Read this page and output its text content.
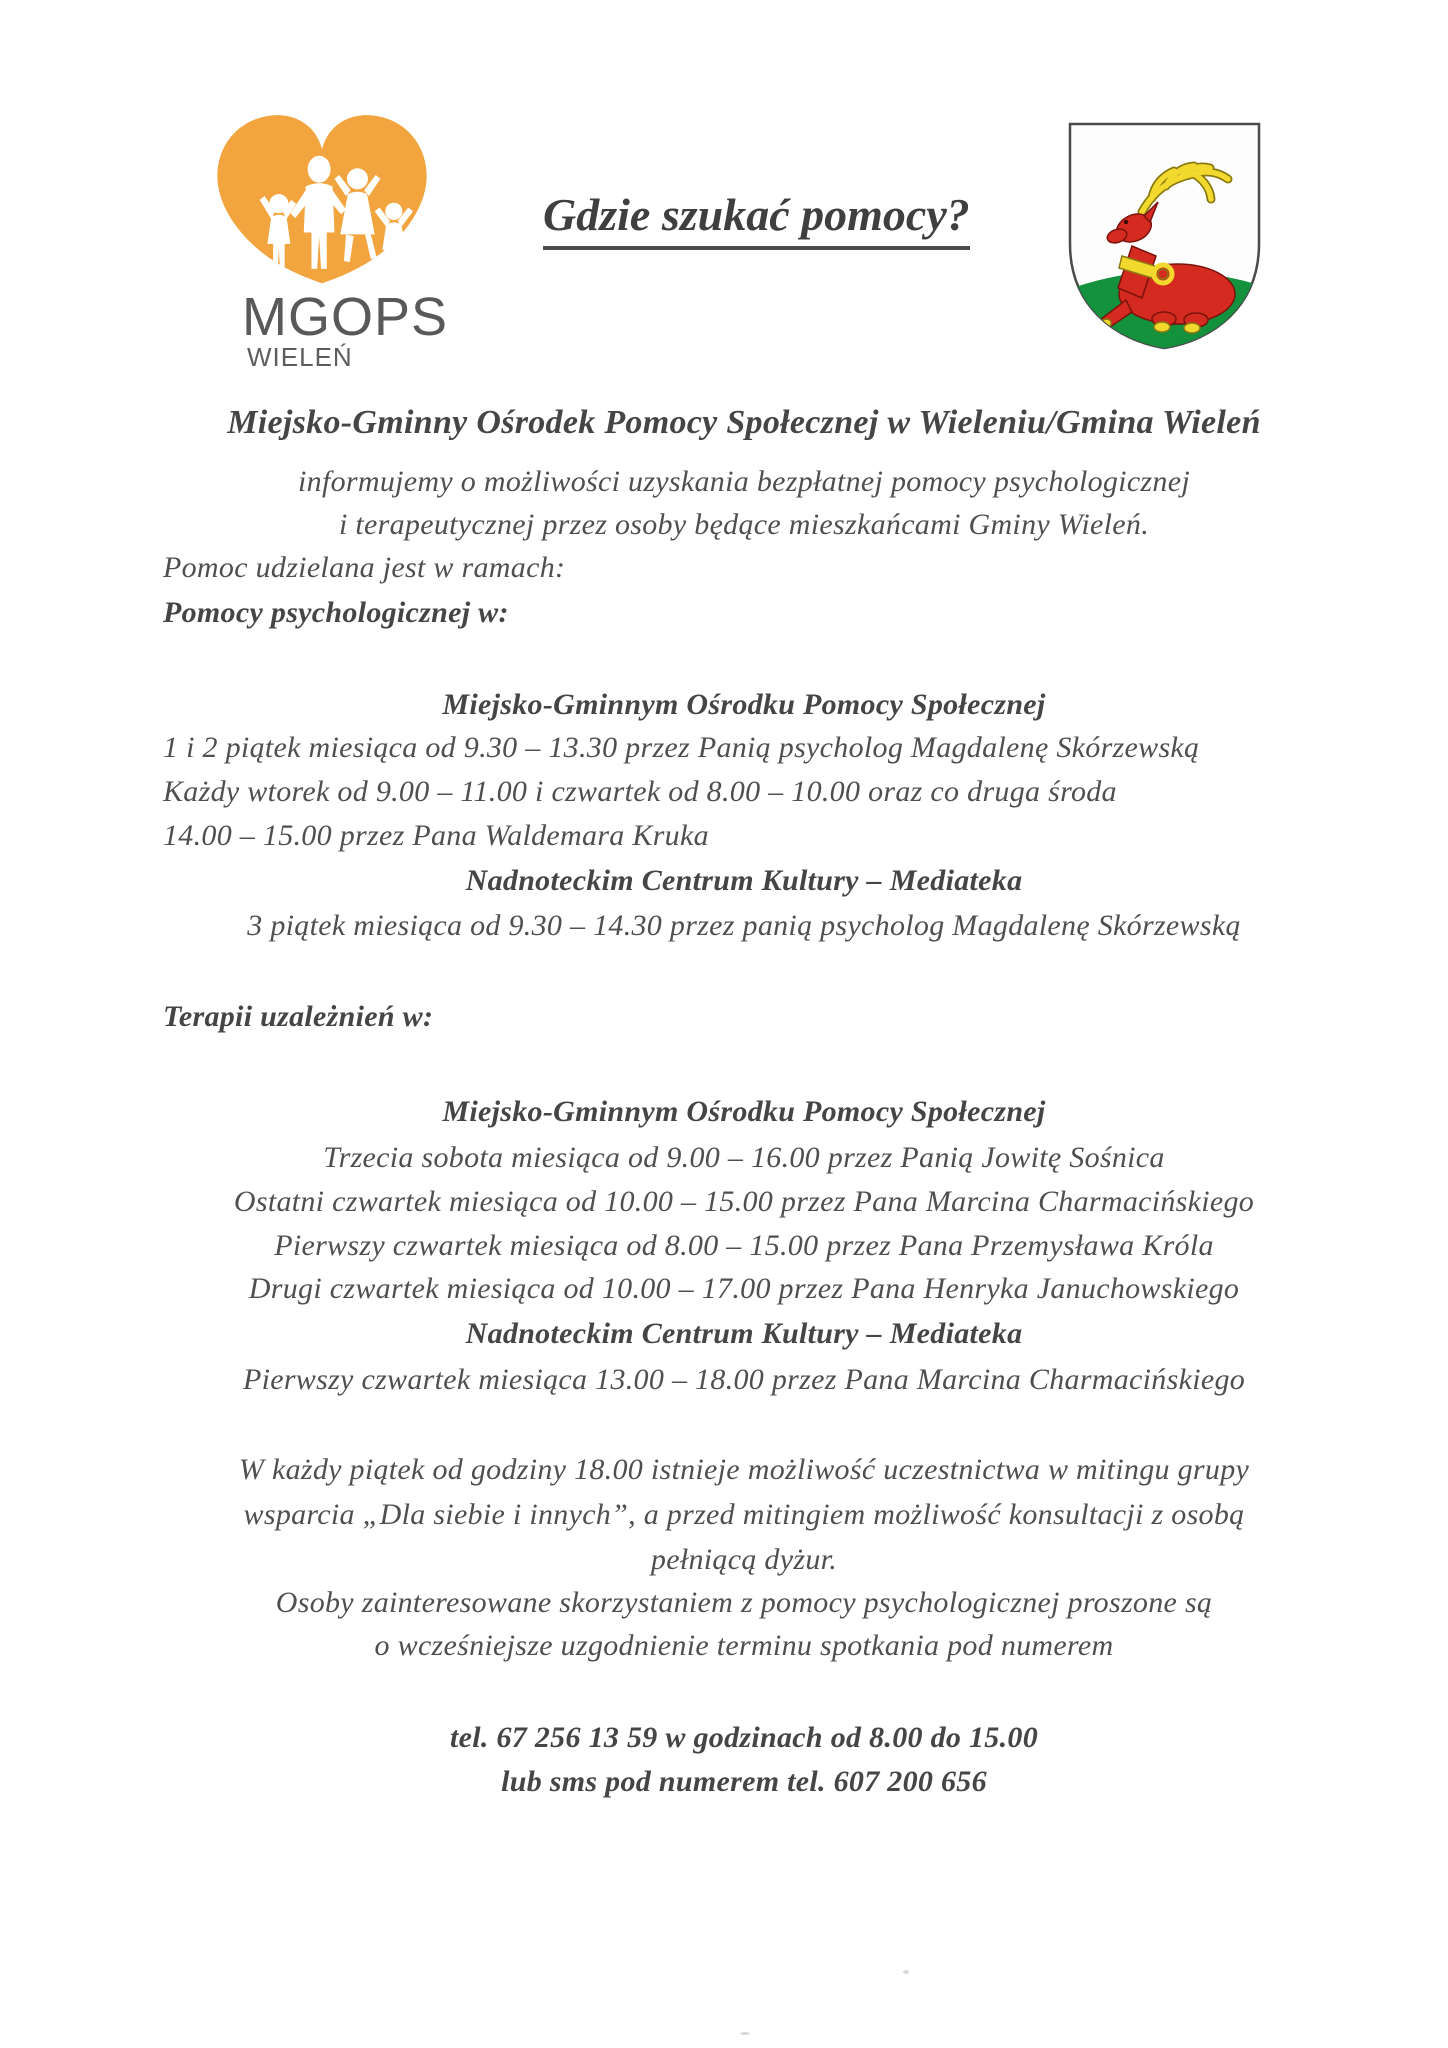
MGOPS
WIELEŃ
Gdzie szukać pomocy?
Miejsko-Gminny Ośrodek Pomocy Społecznej w Wieleniu/Gmina Wieleń
informujemy o możliwości uzyskania bezpłatnej pomocy psychologicznej
i terapeutycznej przez osoby będące mieszkańcami Gminy Wieleń.
Pomoc udzielana jest w ramach:
Pomocy psychologicznej w:
Miejsko-Gminnym Ośrodku Pomocy Społecznej
1 i 2 piątek miesiąca od 9.30 – 13.30 przez Panią psycholog Magdalenę Skórzewską
Każdy wtorek od 9.00 – 11.00 i czwartek od 8.00 – 10.00 oraz co druga środa
14.00 – 15.00 przez Pana Waldemara Kruka
Nadnoteckim Centrum Kultury – Mediateka
3 piątek miesiąca od 9.30 – 14.30 przez panią psycholog Magdalenę Skórzewską
Terapii uzależnień w:
Miejsko-Gminnym Ośrodku Pomocy Społecznej
Trzecia sobota miesiąca od 9.00 – 16.00 przez Panią Jowitę Sośnica
Ostatni czwartek miesiąca od 10.00 – 15.00 przez Pana Marcina Charmacińskiego
Pierwszy czwartek miesiąca od 8.00 – 15.00 przez Pana Przemysława Króla
Drugi czwartek miesiąca od 10.00 – 17.00 przez Pana Henryka Januchowskiego
Nadnoteckim Centrum Kultury – Mediateka
Pierwszy czwartek miesiąca 13.00 – 18.00 przez Pana Marcina Charmacińskiego
W każdy piątek od godziny 18.00 istnieje możliwość uczestnictwa w mitingu grupy
wsparcia „Dla siebie i innych”, a przed mitingiem możliwość konsultacji z osobą
pełniącą dyżur.
Osoby zainteresowane skorzystaniem z pomocy psychologicznej proszone są
o wcześniejsze uzgodnienie terminu spotkania pod numerem
tel. 67 256 13 59 w godzinach od 8.00 do 15.00
lub sms pod numerem tel. 607 200 656
